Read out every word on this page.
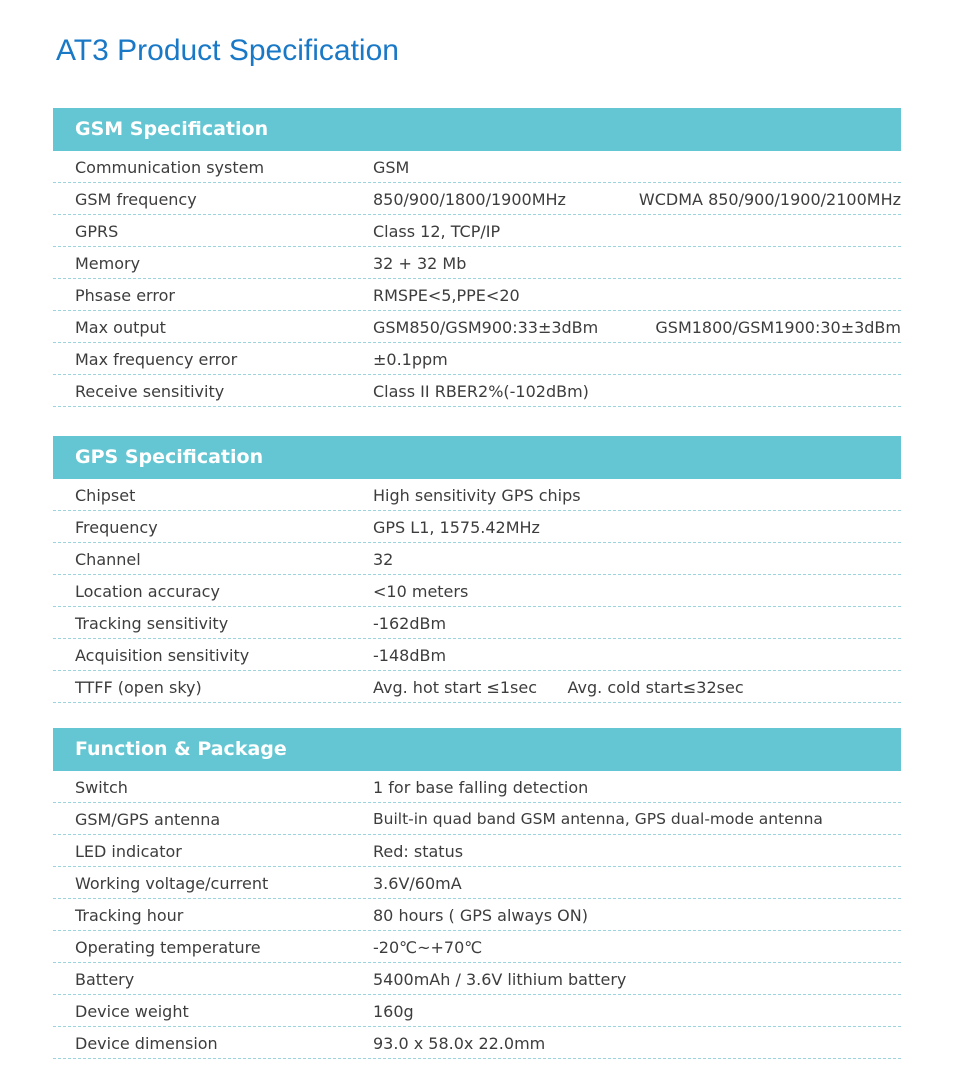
AT3 Product Specification
GSM Specification
Communication system	GSM
GSM frequency	850/900/1800/1900MHz	WCDMA 850/900/1900/2100MHz
GPRS	Class 12, TCP/IP
Memory	32 + 32 Mb
Phsase error	RMSPE<5,PPE<20
Max output	GSM850/GSM900:33±3dBm	GSM1800/GSM1900:30±3dBm
Max frequency error	±0.1ppm
Receive sensitivity	Class II RBER2%(-102dBm)
GPS Specification
Chipset	High sensitivity GPS chips
Frequency	GPS L1, 1575.42MHz
Channel	32
Location accuracy	<10 meters
Tracking sensitivity	-162dBm
Acquisition sensitivity	-148dBm
TTFF (open sky)	Avg. hot start ≤1sec      Avg. cold start≤32sec
Function & Package
Switch	1 for base falling detection
GSM/GPS antenna	Built-in quad band GSM antenna, GPS dual-mode antenna
LED indicator	Red: status
Working voltage/current	3.6V/60mA
Tracking hour	80 hours ( GPS always ON)
Operating temperature	-20℃~+70℃
Battery	5400mAh / 3.6V lithium battery
Device weight	160g
Device dimension	93.0 x 58.0x 22.0mm
